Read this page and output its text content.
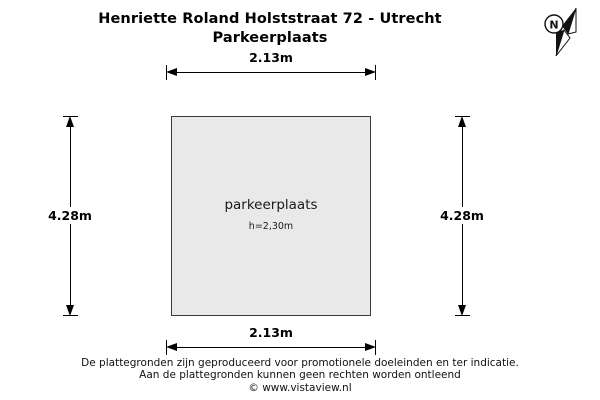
Henriette Roland Holststraat 72 - Utrecht
Parkeerplaats
N
parkeerplaats
h=2,30m
2.13m
2.13m
4.28m	4.28m
De plattegronden zijn geproduceerd voor promotionele doeleinden en ter indicatie.
Aan de plattegronden kunnen geen rechten worden ontleend
© www.vistaview.nl
